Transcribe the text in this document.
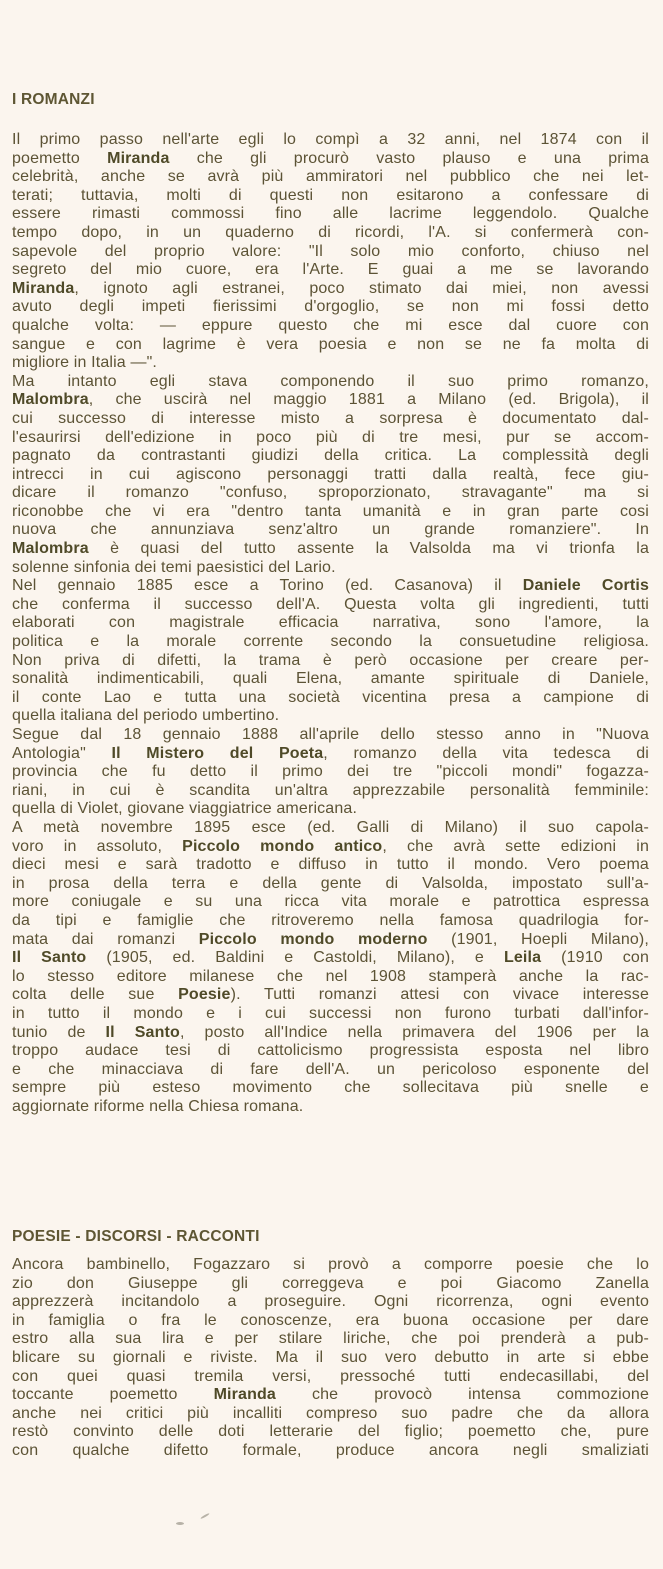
I ROMANZI
Il primo passo nell'arte egli lo compì a 32 anni, nel 1874 con il
poemetto Miranda che gli procurò vasto plauso e una prima
celebrità, anche se avrà più ammiratori nel pubblico che nei let-
terati; tuttavia, molti di questi non esitarono a confessare di
essere rimasti commossi fino alle lacrime leggendolo. Qualche
tempo dopo, in un quaderno di ricordi, l'A. si confermerà con-
sapevole del proprio valore: "Il solo mio conforto, chiuso nel
segreto del mio cuore, era l'Arte. E guai a me se lavorando
Miranda, ignoto agli estranei, poco stimato dai miei, non avessi
avuto degli impeti fierissimi d'orgoglio, se non mi fossi detto
qualche volta: — eppure questo che mi esce dal cuore con
sangue e con lagrime è vera poesia e non se ne fa molta di
migliore in Italia —".
Ma intanto egli stava componendo il suo primo romanzo,
Malombra, che uscirà nel maggio 1881 a Milano (ed. Brigola), il
cui successo di interesse misto a sorpresa è documentato dal-
l'esaurirsi dell'edizione in poco più di tre mesi, pur se accom-
pagnato da contrastanti giudizi della critica. La complessità degli
intrecci in cui agiscono personaggi tratti dalla realtà, fece giu-
dicare il romanzo "confuso, sproporzionato, stravagante" ma si
riconobbe che vi era "dentro tanta umanità e in gran parte cosi
nuova che annunziava senz'altro un grande romanziere". In
Malombra è quasi del tutto assente la Valsolda ma vi trionfa la
solenne sinfonia dei temi paesistici del Lario.
Nel gennaio 1885 esce a Torino (ed. Casanova) il Daniele Cortis
che conferma il successo dell'A. Questa volta gli ingredienti, tutti
elaborati con magistrale efficacia narrativa, sono l'amore, la
politica e la morale corrente secondo la consuetudine religiosa.
Non priva di difetti, la trama è però occasione per creare per-
sonalità indimenticabili, quali Elena, amante spirituale di Daniele,
il conte Lao e tutta una società vicentina presa a campione di
quella italiana del periodo umbertino.
Segue dal 18 gennaio 1888 all'aprile dello stesso anno in "Nuova
Antologia" Il Mistero del Poeta, romanzo della vita tedesca di
provincia che fu detto il primo dei tre "piccoli mondi" fogazza-
riani, in cui è scandita un'altra apprezzabile personalità femminile:
quella di Violet, giovane viaggiatrice americana.
A metà novembre 1895 esce (ed. Galli di Milano) il suo capola-
voro in assoluto, Piccolo mondo antico, che avrà sette edizioni in
dieci mesi e sarà tradotto e diffuso in tutto il mondo. Vero poema
in prosa della terra e della gente di Valsolda, impostato sull'a-
more coniugale e su una ricca vita morale e patrottica espressa
da tipi e famiglie che ritroveremo nella famosa quadrilogia for-
mata dai romanzi Piccolo mondo moderno (1901, Hoepli Milano),
Il Santo (1905, ed. Baldini e Castoldi, Milano), e Leila (1910 con
lo stesso editore milanese che nel 1908 stamperà anche la rac-
colta delle sue Poesie). Tutti romanzi attesi con vivace interesse
in tutto il mondo e i cui successi non furono turbati dall'infor-
tunio de Il Santo, posto all'Indice nella primavera del 1906 per la
troppo audace tesi di cattolicismo progressista esposta nel libro
e che minacciava di fare dell'A. un pericoloso esponente del
sempre più esteso movimento che sollecitava più snelle e
aggiornate riforme nella Chiesa romana.
POESIE - DISCORSI - RACCONTI
Ancora bambinello, Fogazzaro si provò a comporre poesie che lo
zio don Giuseppe gli correggeva e poi Giacomo Zanella
apprezzerà incitandolo a proseguire. Ogni ricorrenza, ogni evento
in famiglia o fra le conoscenze, era buona occasione per dare
estro alla sua lira e per stilare liriche, che poi prenderà a pub-
blicare su giornali e riviste. Ma il suo vero debutto in arte si ebbe
con quei quasi tremila versi, pressoché tutti endecasillabi, del
toccante poemetto Miranda che provocò intensa commozione
anche nei critici più incalliti compreso suo padre che da allora
restò convinto delle doti letterarie del figlio; poemetto che, pure
con qualche difetto formale, produce ancora negli smaliziati
